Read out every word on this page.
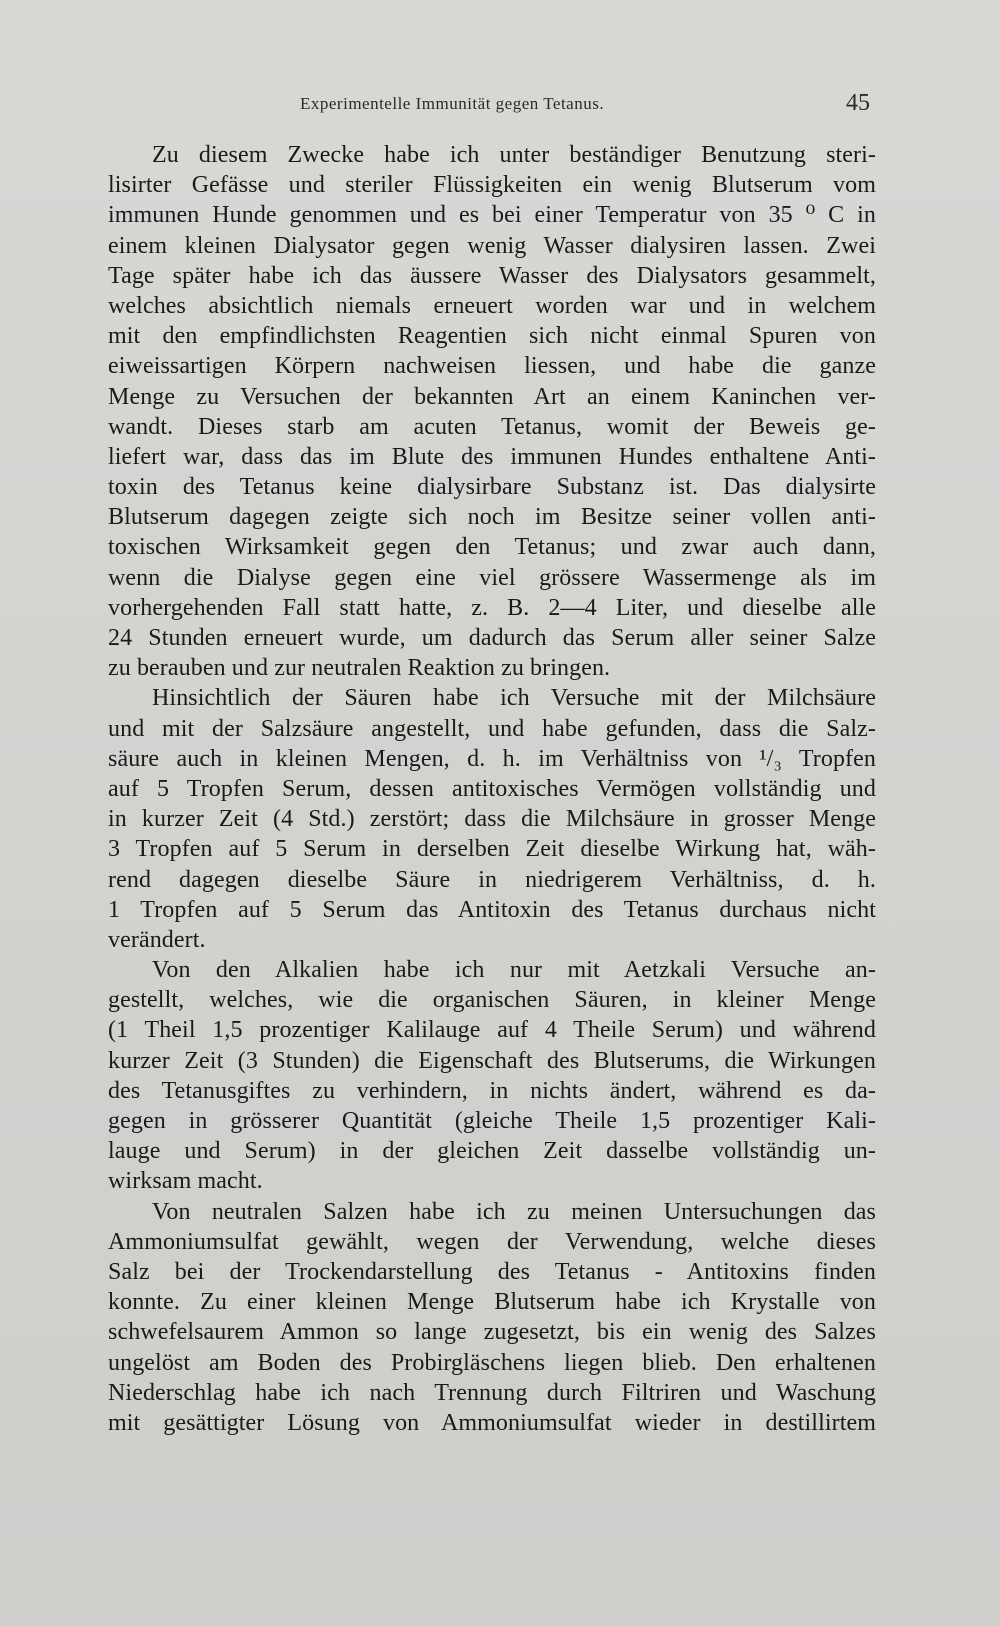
Experimentelle Immunität gegen Tetanus.	45
Zu diesem Zwecke habe ich unter beständiger Benutzung steri-
lisirter Gefässe und steriler Flüssigkeiten ein wenig Blutserum vom
immunen Hunde genommen und es bei einer Temperatur von 35 ⁰ C in
einem kleinen Dialysator gegen wenig Wasser dialysiren lassen. Zwei
Tage später habe ich das äussere Wasser des Dialysators gesammelt,
welches absichtlich niemals erneuert worden war und in welchem
mit den empfindlichsten Reagentien sich nicht einmal Spuren von
eiweissartigen Körpern nachweisen liessen, und habe die ganze
Menge zu Versuchen der bekannten Art an einem Kaninchen ver-
wandt. Dieses starb am acuten Tetanus, womit der Beweis ge-
liefert war, dass das im Blute des immunen Hundes enthaltene Anti-
toxin des Tetanus keine dialysirbare Substanz ist. Das dialysirte
Blutserum dagegen zeigte sich noch im Besitze seiner vollen anti-
toxischen Wirksamkeit gegen den Tetanus; und zwar auch dann,
wenn die Dialyse gegen eine viel grössere Wassermenge als im
vorhergehenden Fall statt hatte, z. B. 2—4 Liter, und dieselbe alle
24 Stunden erneuert wurde, um dadurch das Serum aller seiner Salze
zu berauben und zur neutralen Reaktion zu bringen.
Hinsichtlich der Säuren habe ich Versuche mit der Milchsäure
und mit der Salzsäure angestellt, und habe gefunden, dass die Salz-
säure auch in kleinen Mengen, d. h. im Verhältniss von ¹/₃ Tropfen
auf 5 Tropfen Serum, dessen antitoxisches Vermögen vollständig und
in kurzer Zeit (4 Std.) zerstört; dass die Milchsäure in grosser Menge
3 Tropfen auf 5 Serum in derselben Zeit dieselbe Wirkung hat, wäh-
rend dagegen dieselbe Säure in niedrigerem Verhältniss, d. h.
1 Tropfen auf 5 Serum das Antitoxin des Tetanus durchaus nicht
verändert.
Von den Alkalien habe ich nur mit Aetzkali Versuche an-
gestellt, welches, wie die organischen Säuren, in kleiner Menge
(1 Theil 1,5 prozentiger Kalilauge auf 4 Theile Serum) und während
kurzer Zeit (3 Stunden) die Eigenschaft des Blutserums, die Wirkungen
des Tetanusgiftes zu verhindern, in nichts ändert, während es da-
gegen in grösserer Quantität (gleiche Theile 1,5 prozentiger Kali-
lauge und Serum) in der gleichen Zeit dasselbe vollständig un-
wirksam macht.
Von neutralen Salzen habe ich zu meinen Untersuchungen das
Ammoniumsulfat gewählt, wegen der Verwendung, welche dieses
Salz bei der Trockendarstellung des Tetanus - Antitoxins finden
konnte. Zu einer kleinen Menge Blutserum habe ich Krystalle von
schwefelsaurem Ammon so lange zugesetzt, bis ein wenig des Salzes
ungelöst am Boden des Probirgläschens liegen blieb. Den erhaltenen
Niederschlag habe ich nach Trennung durch Filtriren und Waschung
mit gesättigter Lösung von Ammoniumsulfat wieder in destillirtem
